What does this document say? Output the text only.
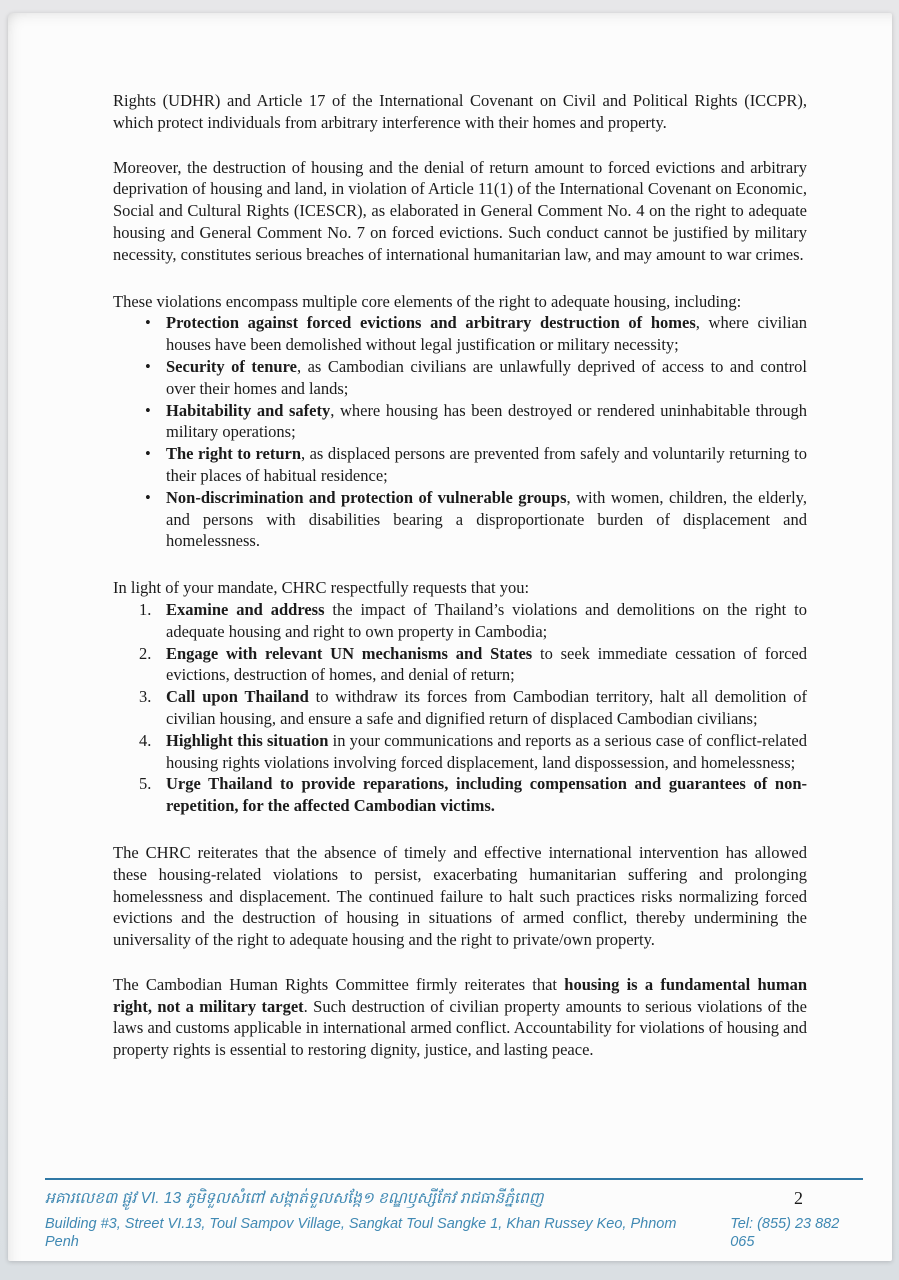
Rights (UDHR) and Article 17 of the International Covenant on Civil and Political Rights (ICCPR), which protect individuals from arbitrary interference with their homes and property.

Moreover, the destruction of housing and the denial of return amount to forced evictions and arbitrary deprivation of housing and land, in violation of Article 11(1) of the International Covenant on Economic, Social and Cultural Rights (ICESCR), as elaborated in General Comment No. 4 on the right to adequate housing and General Comment No. 7 on forced evictions. Such conduct cannot be justified by military necessity, constitutes serious breaches of international humanitarian law, and may amount to war crimes.

These violations encompass multiple core elements of the right to adequate housing, including:

• Protection against forced evictions and arbitrary destruction of homes, where civilian houses have been demolished without legal justification or military necessity;
• Security of tenure, as Cambodian civilians are unlawfully deprived of access to and control over their homes and lands;
• Habitability and safety, where housing has been destroyed or rendered uninhabitable through military operations;
• The right to return, as displaced persons are prevented from safely and voluntarily returning to their places of habitual residence;
• Non-discrimination and protection of vulnerable groups, with women, children, the elderly, and persons with disabilities bearing a disproportionate burden of displacement and homelessness.

In light of your mandate, CHRC respectfully requests that you:

Examine and address the impact of Thailand’s violations and demolitions on the right to adequate housing and right to own property in Cambodia;
Engage with relevant UN mechanisms and States to seek immediate cessation of forced evictions, destruction of homes, and denial of return;
Call upon Thailand to withdraw its forces from Cambodian territory, halt all demolition of civilian housing, and ensure a safe and dignified return of displaced Cambodian civilians;
Highlight this situation in your communications and reports as a serious case of conflict-related housing rights violations involving forced displacement, land dispossession, and homelessness;
Urge Thailand to provide reparations, including compensation and guarantees of non-repetition, for the affected Cambodian victims.

The CHRC reiterates that the absence of timely and effective international intervention has allowed these housing-related violations to persist, exacerbating humanitarian suffering and prolonging homelessness and displacement. The continued failure to halt such practices risks normalizing forced evictions and the destruction of housing in situations of armed conflict, thereby undermining the universality of the right to adequate housing and the right to private/own property.

The Cambodian Human Rights Committee firmly reiterates that housing is a fundamental human right, not a military target. Such destruction of civilian property amounts to serious violations of the laws and customs applicable in international armed conflict. Accountability for violations of housing and property rights is essential to restoring dignity, justice, and lasting peace.

អគារលេខ៣ ផ្លូវ VI. 13 ភូមិទួលសំពៅ សង្កាត់ទួលសង្កែ១ ខណ្ឌឫស្សីកែវ រាជធានីភ្នំពេញ	2
Building #3, Street VI.13, Toul Sampov Village, Sangkat Toul Sangke 1, Khan Russey Keo, Phnom Penh
Tel: (855) 23 882 065
